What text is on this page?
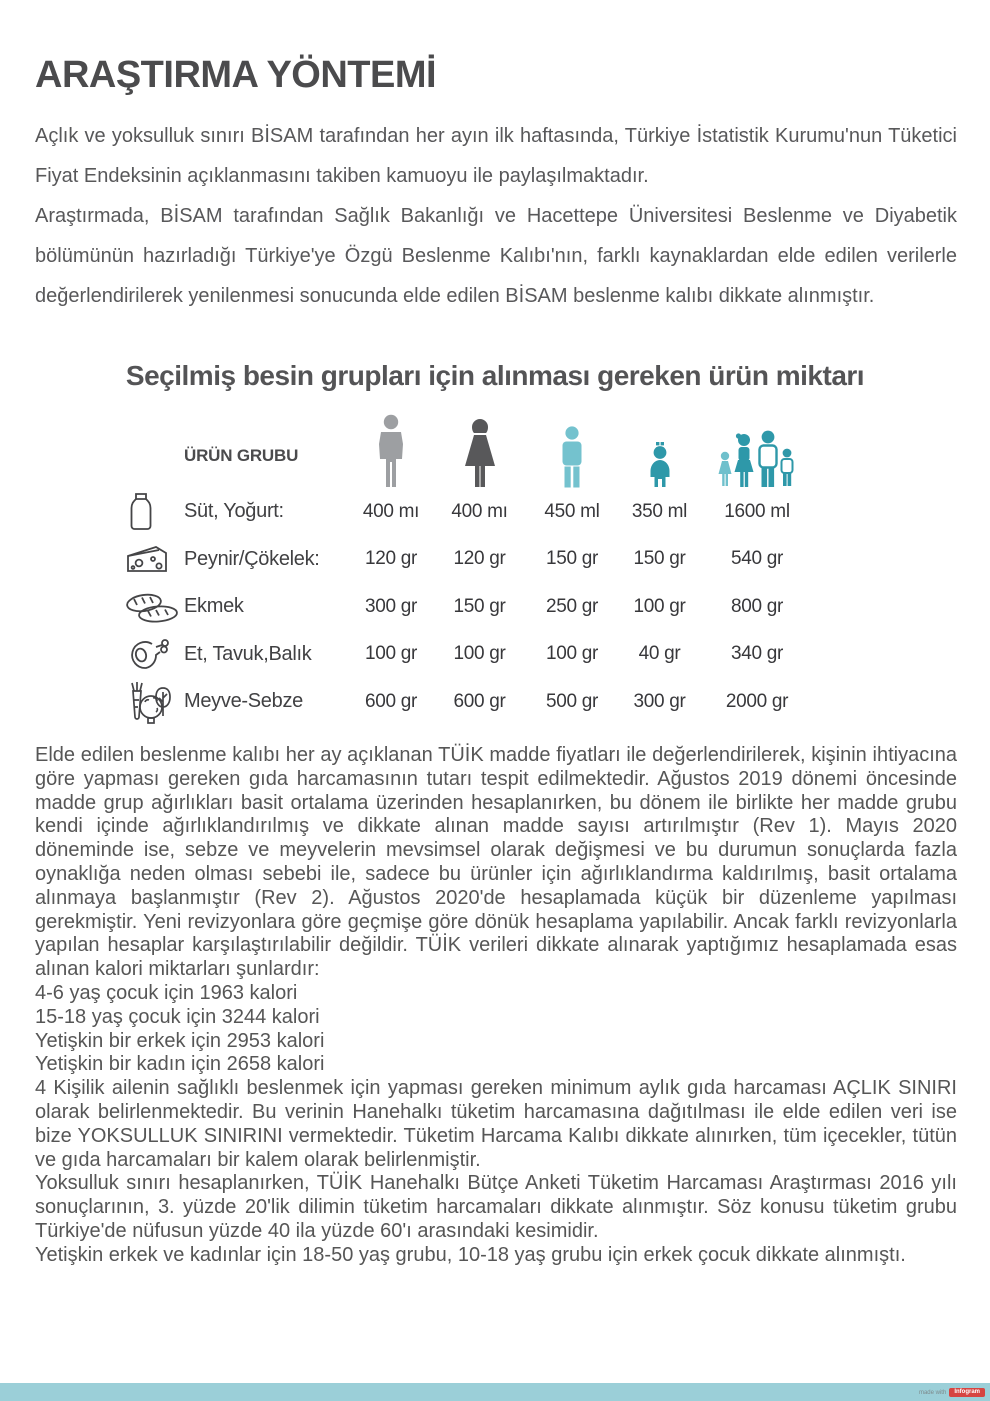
ARAŞTIRMA YÖNTEMİ

Açlık ve yoksulluk sınırı BİSAM tarafından her ayın ilk haftasında, Türkiye İstatistik Kurumu'nun Tüketici Fiyat Endeksinin açıklanmasını takiben kamuoyu ile paylaşılmaktadır.

Araştırmada, BİSAM tarafından Sağlık Bakanlığı ve Hacettepe Üniversitesi Beslenme ve Diyabetik bölümünün hazırladığı Türkiye'ye Özgü Beslenme Kalıbı'nın, farklı kaynaklardan elde edilen verilerle değerlendirilerek yenilenmesi sonucunda elde edilen BİSAM beslenme kalıbı dikkate alınmıştır.

Seçilmiş besin grupları için alınması gereken ürün miktarı
ÜRÜN GRUBU
Süt, Yoğurt:	400 mı	400 mı	450 ml	350 ml	1600 ml
Peynir/Çökelek:	120 gr	120 gr	150 gr	150 gr	540 gr
Ekmek	300 gr	150 gr	250 gr	100 gr	800 gr
Et, Tavuk,Balık	100 gr	100 gr	100 gr	40 gr	340 gr
Meyve-Sebze	600 gr	600 gr	500 gr	300 gr	2000 gr

Elde edilen beslenme kalıbı her ay açıklanan TÜİK madde fiyatları ile değerlendirilerek, kişinin ihtiyacına göre yapması gereken gıda harcamasının tutarı tespit edilmektedir. Ağustos 2019 dönemi öncesinde madde grup ağırlıkları basit ortalama üzerinden hesaplanırken, bu dönem ile birlikte her madde grubu kendi içinde ağırlıklandırılmış ve dikkate alınan madde sayısı artırılmıştır (Rev 1). Mayıs 2020 döneminde ise, sebze ve meyvelerin mevsimsel olarak değişmesi ve bu durumun sonuçlarda fazla oynaklığa neden olması sebebi ile, sadece bu ürünler için ağırlıklandırma kaldırılmış, basit ortalama alınmaya başlanmıştır (Rev 2). Ağustos 2020'de hesaplamada küçük bir düzenleme yapılması gerekmiştir. Yeni revizyonlara göre geçmişe göre dönük hesaplama yapılabilir. Ancak farklı revizyonlarla yapılan hesaplar karşılaştırılabilir değildir. TÜİK verileri dikkate alınarak yaptığımız hesaplamada esas alınan kalori miktarları şunlardır:

4-6 yaş çocuk için 1963 kalori
15-18 yaş çocuk için 3244 kalori
Yetişkin bir erkek için 2953 kalori
Yetişkin bir kadın için 2658 kalori

4 Kişilik ailenin sağlıklı beslenmek için yapması gereken minimum aylık gıda harcaması AÇLIK SINIRI olarak belirlenmektedir. Bu verinin Hanehalkı tüketim harcamasına dağıtılması ile elde edilen veri ise bize YOKSULLUK SINIRINI vermektedir. Tüketim Harcama Kalıbı dikkate alınırken, tüm içecekler, tütün ve gıda harcamaları bir kalem olarak belirlenmiştir.

Yoksulluk sınırı hesaplanırken, TÜİK Hanehalkı Bütçe Anketi Tüketim Harcaması Araştırması 2016 yılı sonuçlarının, 3. yüzde 20'lik dilimin tüketim harcamaları dikkate alınmıştır. Söz konusu tüketim grubu Türkiye'de nüfusun yüzde 40 ila yüzde 60'ı arasındaki kesimidir.

Yetişkin erkek ve kadınlar için 18-50 yaş grubu, 10-18 yaş grubu için erkek çocuk dikkate alınmıştı.

made with	Infogram
